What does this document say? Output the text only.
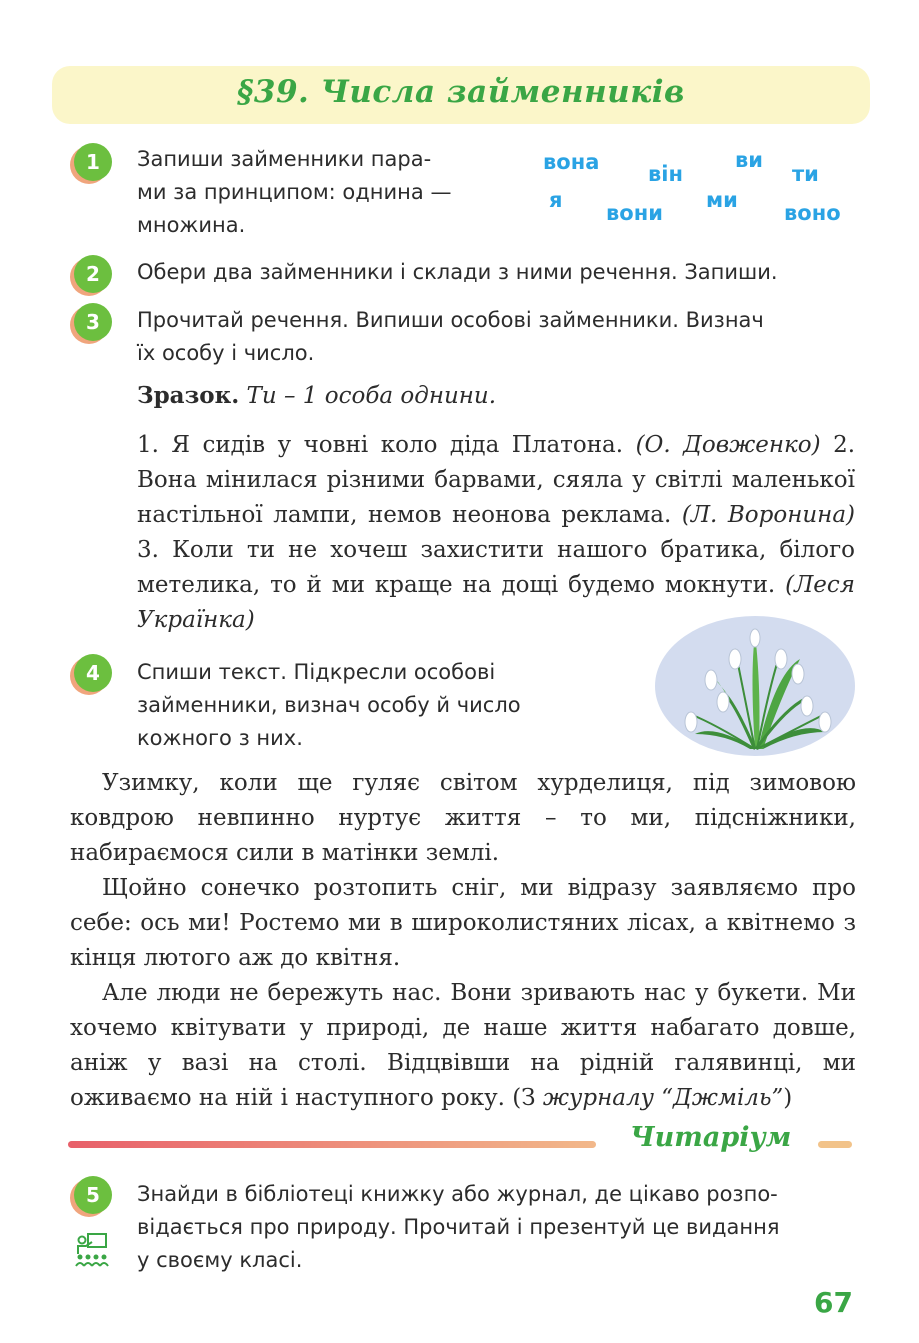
§39. Числа займенників
1	Запиши займенники пара-
ми за принципом: однина —
множина.
вона він
ви
ти
я
вони
ми
воно
2	Обери два займенники і склади з ними речення. Запиши.
3	Прочитай речення. Випиши особові займенники. Визнач
їх особу і число.
Зразок. Ти – 1 особа однини.

1. Я сидів у човні коло діда Платона. (О. Довженко) 2. Вона мінилася різними барвами, сяяла у світлі маленької настільної лампи, немов неонова реклама. (Л. Воронина) 3. Коли ти не хочеш захистити нашого братика, білого метелика, то й ми краще на дощі будемо мокнути. (Леся Українка)

4	Спиши текст. Підкресли особові
займенники, визнач особу й число
кожного з них.

Узимку, коли ще гуляє світом хурделиця, під зимовою ковдрою невпинно нуртує життя – то ми, підсніжники, набираємося сили в матінки землі.

Щойно сонечко розтопить сніг, ми відразу заявляємо про себе: ось ми! Ростемо ми в широколистяних лісах, а квітнемо з кінця лютого аж до квітня.

Але люди не бережуть нас. Вони зривають нас у букети. Ми хочемо квітувати у природі, де наше життя набагато довше, аніж у вазі на столі. Відцвівши на рідній галявинці, ми оживаємо на ній і наступного року. (З журналу “Джміль”)

Читаріум
5	Знайди в бібліотеці книжку або журнал, де цікаво розпо-
відається про природу. Прочитай і презентуй це видання
у своєму класі.
67
